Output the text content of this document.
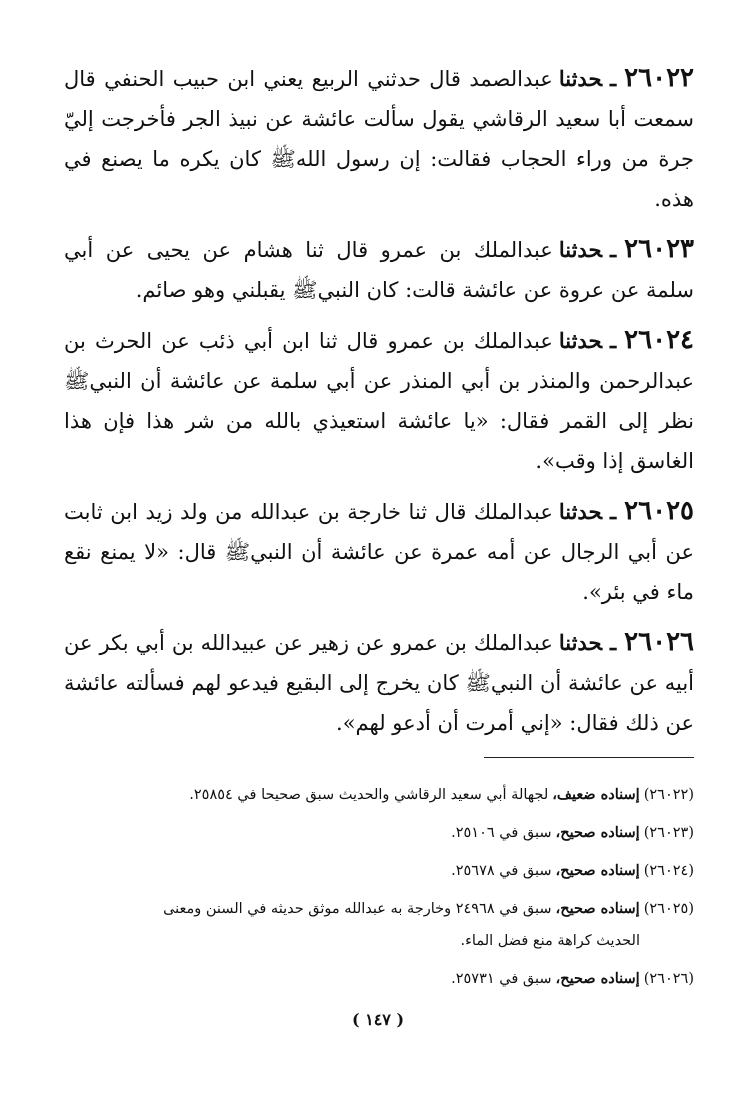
٢٦٠٢٢ـحدثناعبدالصمد قال حدثني الربيع يعني ابن حبيب الحنفي قال سمعت أبا سعيد الرقاشي يقول سألت عائشة عن نبيذ الجر فأخرجت إليّ جرة من وراء الحجاب فقالت: إن رسول اللهﷺ كان يكره ما يصنع في هذه.

٢٦٠٢٣ـحدثناعبدالملك بن عمرو قال ثنا هشام عن يحيى عن أبي سلمة عن عروة عن عائشة قالت: كان النبيﷺ يقبلني وهو صائم.

٢٦٠٢٤ـحدثناعبدالملك بن عمرو قال ثنا ابن أبي ذئب عن الحرث بن عبدالرحمن والمنذر بن أبي المنذر عن أبي سلمة عن عائشة أن النبيﷺ نظر إلى القمر فقال: «يا عائشة استعيذي بالله من شر هذا فإن هذا الغاسق إذا وقب».

٢٦٠٢٥ـحدثناعبدالملك قال ثنا خارجة بن عبدالله من ولد زيد ابن ثابت عن أبي الرجال عن أمه عمرة عن عائشة أن النبيﷺ قال: «لا يمنع نقع ماء في بئر».

٢٦٠٢٦ـحدثناعبدالملك بن عمرو عن زهير عن عبيدالله بن أبي بكر عن أبيه عن عائشة أن النبيﷺ كان يخرج إلى البقيع فيدعو لهم فسألته عائشة عن ذلك فقال: «إني أمرت أن أدعو لهم».

(٢٦٠٢٢)إسناده ضعيف،لجهالة أبي سعيد الرقاشي والحديث سبق صحيحا في ٢٥٨٥٤.

(٢٦٠٢٣)إسناده صحيح،سبق في ٢٥١٠٦.

(٢٦٠٢٤)إسناده صحيح،سبق في ٢٥٦٧٨.

(٢٦٠٢٥)إسناده صحيح،سبق في ٢٤٩٦٨ وخارجة به عبدالله موثق حديثه في السنن ومعنى

الحديث كراهة منع فضل الماء.

(٢٦٠٢٦)إسناده صحيح،سبق في ٢٥٧٣١.

( ١٤٧ )
